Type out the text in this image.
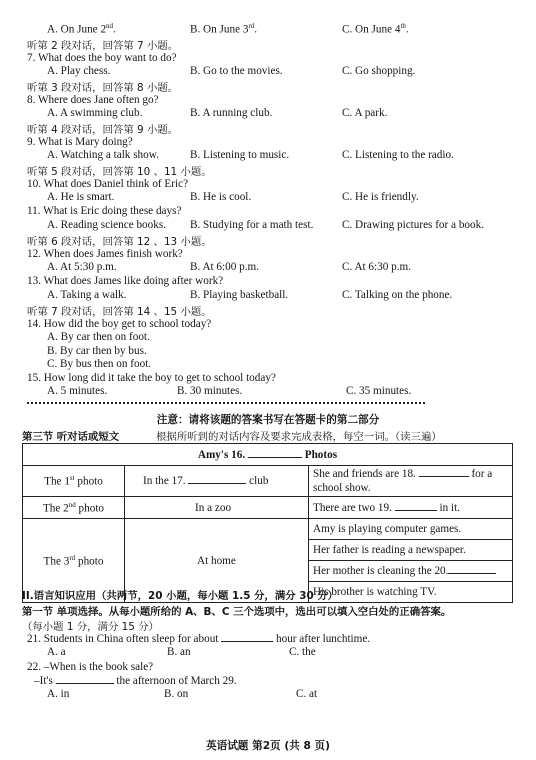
A. On June 2nd.	B. On June 3rd.	C. On June 4th.
听第 2 段对话，回答第 7 小题。
7. What does the boy want to do?
A. Play chess.	B. Go to the movies.	C. Go shopping.
听第 3 段对话，回答第 8 小题。
8. Where does Jane often go?
A. A swimming club.	B. A running club.	C. A park.
听第 4 段对话，回答第 9 小题。
9. What is Mary doing?
A. Watching a talk show.	B. Listening to music.	C. Listening to the radio.
听第 5 段对话，回答第 10 、11 小题。
10. What does Daniel think of Eric?
A. He is smart.	B. He is cool.	C. He is friendly.
11. What is Eric doing these days?
A. Reading science books. B. Studying for a math test.	C. Drawing pictures for a book.
听第 6 段对话，回答第 12 、13 小题。
12. When does James finish work?
A. At 5:30 p.m.	B. At 6:00 p.m.	C. At 6:30 p.m.
13. What does James like doing after work?
A. Taking a walk.	B. Playing basketball.	C. Talking on the phone.
听第 7 段对话，回答第 14 、15 小题。
14. How did the boy get to school today?
A. By car then on foot.
B. By car then by bus.
C. By bus then on foot.
15. How long did it take the boy to get to school today?
A. 5 minutes.	B. 30 minutes.	C. 35 minutes.
注意：请将该题的答案书写在答题卡的第二部分
第三节 听对话或短文	根据所听到的对话内容及要求完成表格，每空一词。（读三遍）
Amy's 16. Photos		
The 1st photo	In the 17. club	She and friends are 18. for a
school show.
The 2nd photo	In a zoo	There are two 19. in it.
The 3rd photo	At home	Amy is playing computer games.
Her father is reading a newspaper.
Her mother is cleaning the 20.
His brother is watching TV.
II.语言知识应用（共两节，20 小题，每小题 1.5 分，满分 30 分）
第一节 单项选择。从每小题所给的 A、B、C 三个选项中，选出可以填入空白处的正确答案。
（每小题 1 分，满分 15 分）
21. Students in China often sleep for about	hour after lunchtime.
A. a	B. an	C. the
22. –When is the book sale?
–It's	the afternoon of March 29.
A. in	B. on	C. at
英语试题 第2页 (共 8 页)
